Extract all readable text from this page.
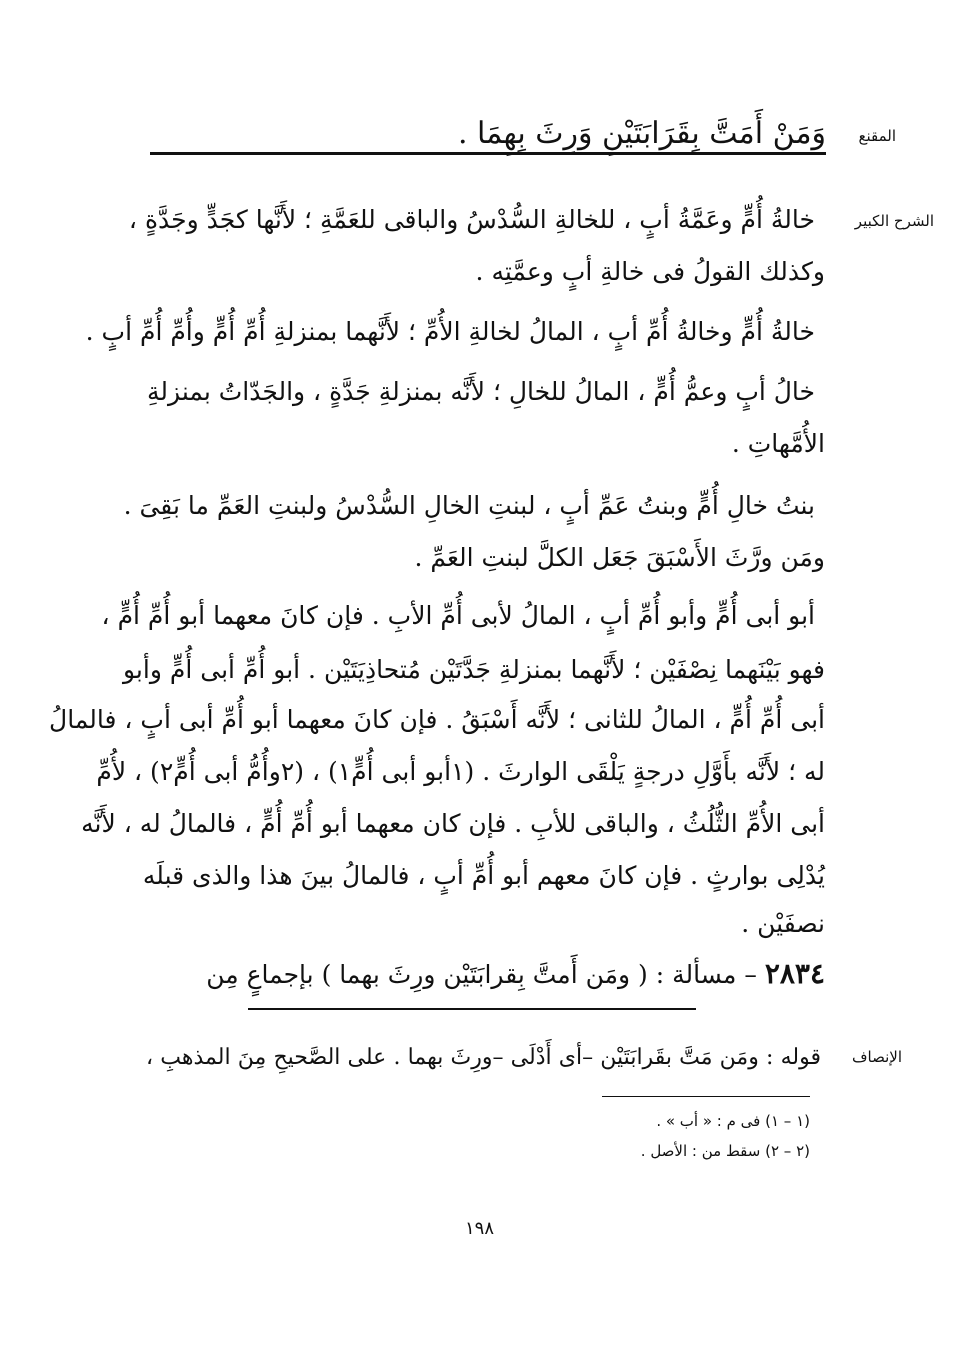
المقنع
الشرح الكبير
الإنصاف
وَمَنْ أَمَتَّ بِقَرَابَتَيْنِ وَرِثَ بِهِمَا .
خالةُ أُمٍّ وعَمَّةُ أبٍ ، للخالةِ السُّدْسُ والباقى للعَمَّةِ ؛ لأَنَّها كجَدٍّ وجَدَّةٍ ،
وكذلك القولُ فى خالةِ أبٍ وعمَّتِه .
خالةُ أُمٍّ وخالةُ أُمِّ أبٍ ، المالُ لخالةِ الأُمِّ ؛ لأَنَّهما بمنزلةِ أُمِّ أُمٍّ وأُمِّ أُمِّ أبٍ .
خالُ أبٍ وعمُّ أُمٍّ ، المالُ للخالِ ؛ لأَنَّه بمنزلةِ جَدَّةٍ ، والجَدّاتُ بمنزلةِ
الأُمَّهاتِ .
بنتُ خالِ أُمٍّ وبنتُ عَمِّ أبٍ ، لبنتِ الخالِ السُّدْسُ ولبنتِ العَمِّ ما بَقِىَ .
ومَن ورَّثَ الأَسْبَقَ جَعَل الكلَّ لبنتِ العَمِّ .
أبو أبى أُمٍّ وأبو أُمِّ أبٍ ، المالُ لأبى أُمِّ الأبِ . فإن كانَ معهما أبو أُمِّ أُمٍّ ،
فهو بَيْنَهما نِصْفَيْن ؛ لأَنَّهما بمنزلةِ جَدَّتَيْن مُتحاذِيَتَيْن . أبو أُمِّ أبى أُمٍّ وأبو
أبى أُمِّ أُمٍّ ، المالُ للثانى ؛ لأَنَّه أَسْبَقُ . فإن كانَ معهما أبو أُمِّ أبى أبٍ ، فالمالُ
له ؛ لأَنَّه بأَوَّلِ درجةٍ يَلْقَى الوارثَ . (١أبو أبى أُمٍّ١) ، (٢وأُمُّ أبى أُمٍّ٢) ، لأُمِّ
أبى الأُمِّ الثُّلُثُ ، والباقى للأبِ . فإن كان معهما أبو أُمِّ أُمٍّ ، فالمالُ له ، لأَنَّه
يُدْلِى بوارثٍ . فإن كانَ معهم أبو أُمِّ أبٍ ، فالمالُ بينَ هذا والذى قبلَه
نصفَيْن .
٢٨٣٤ – مسألة : ( ومَن أَمتَّ بِقرابَتَيْن ورِثَ بهما ) بإجماعٍ مِن
قوله : ومَن مَتَّ بقَرابَتَيْن –أى أَدْلَى –ورِثَ بهما . على الصَّحيحِ مِنَ المذهبِ ،
(١ – ١) فى م : « أب » .
(٢ – ٢) سقط من : الأصل .
١٩٨
